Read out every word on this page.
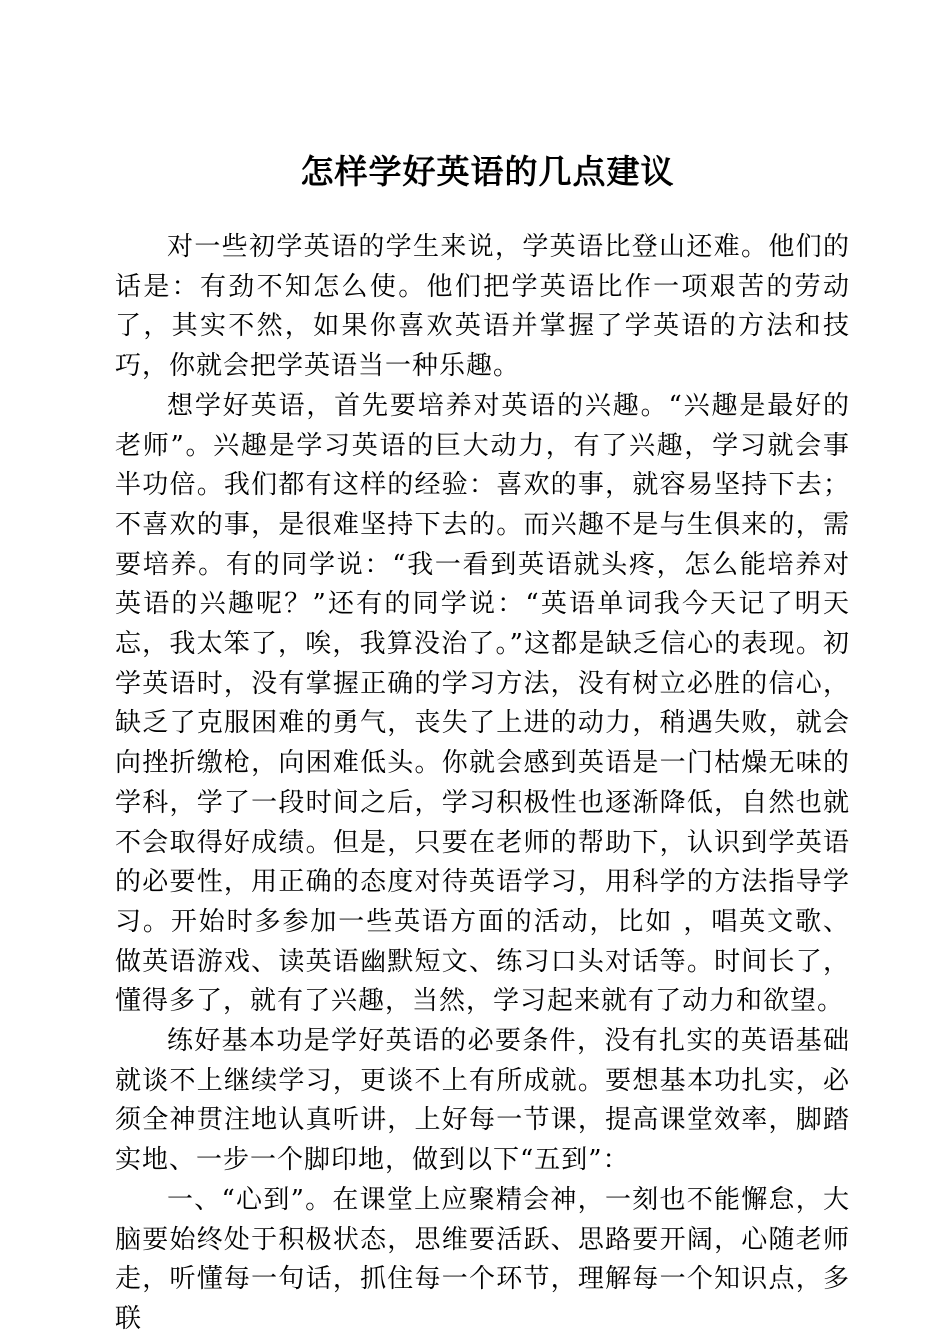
怎样学好英语的几点建议

对一些初学英语的学生来说，学英语比登山还难。他们的话是：有劲不知怎么使。他们把学英语比作一项艰苦的劳动了，其实不然，如果你喜欢英语并掌握了学英语的方法和技巧，你就会把学英语当一种乐趣。

想学好英语，首先要培养对英语的兴趣。“兴趣是最好的老师”。兴趣是学习英语的巨大动力，有了兴趣，学习就会事半功倍。我们都有这样的经验：喜欢的事，就容易坚持下去；不喜欢的事，是很难坚持下去的。而兴趣不是与生俱来的，需要培养。有的同学说：“我一看到英语就头疼，怎么能培养对英语的兴趣呢？”还有的同学说：“英语单词我今天记了明天忘，我太笨了，唉，我算没治了。”这都是缺乏信心的表现。初学英语时，没有掌握正确的学习方法，没有树立必胜的信心，缺乏了克服困难的勇气，丧失了上进的动力，稍遇失败，就会向挫折缴枪，向困难低头。你就会感到英语是一门枯燥无味的学科，学了一段时间之后，学习积极性也逐渐降低，自然也就不会取得好成绩。但是，只要在老师的帮助下，认识到学英语的必要性，用正确的态度对待英语学习，用科学的方法指导学习。开始时多参加一些英语方面的活动，比如 ，唱英文歌、做英语游戏、读英语幽默短文、练习口头对话等。时间长了，懂得多了，就有了兴趣，当然，学习起来就有了动力和欲望。

练好基本功是学好英语的必要条件，没有扎实的英语基础就谈不上继续学习，更谈不上有所成就。要想基本功扎实，必须全神贯注地认真听讲，上好每一节课，提高课堂效率，脚踏实地、一步一个脚印地，做到以下“五到”：

一、“心到”。在课堂上应聚精会神，一刻也不能懈怠，大脑要始终处于积极状态，思维要活跃、思路要开阔，心随老师走，听懂每一句话，抓住每一个环节，理解每一个知识点，多联
